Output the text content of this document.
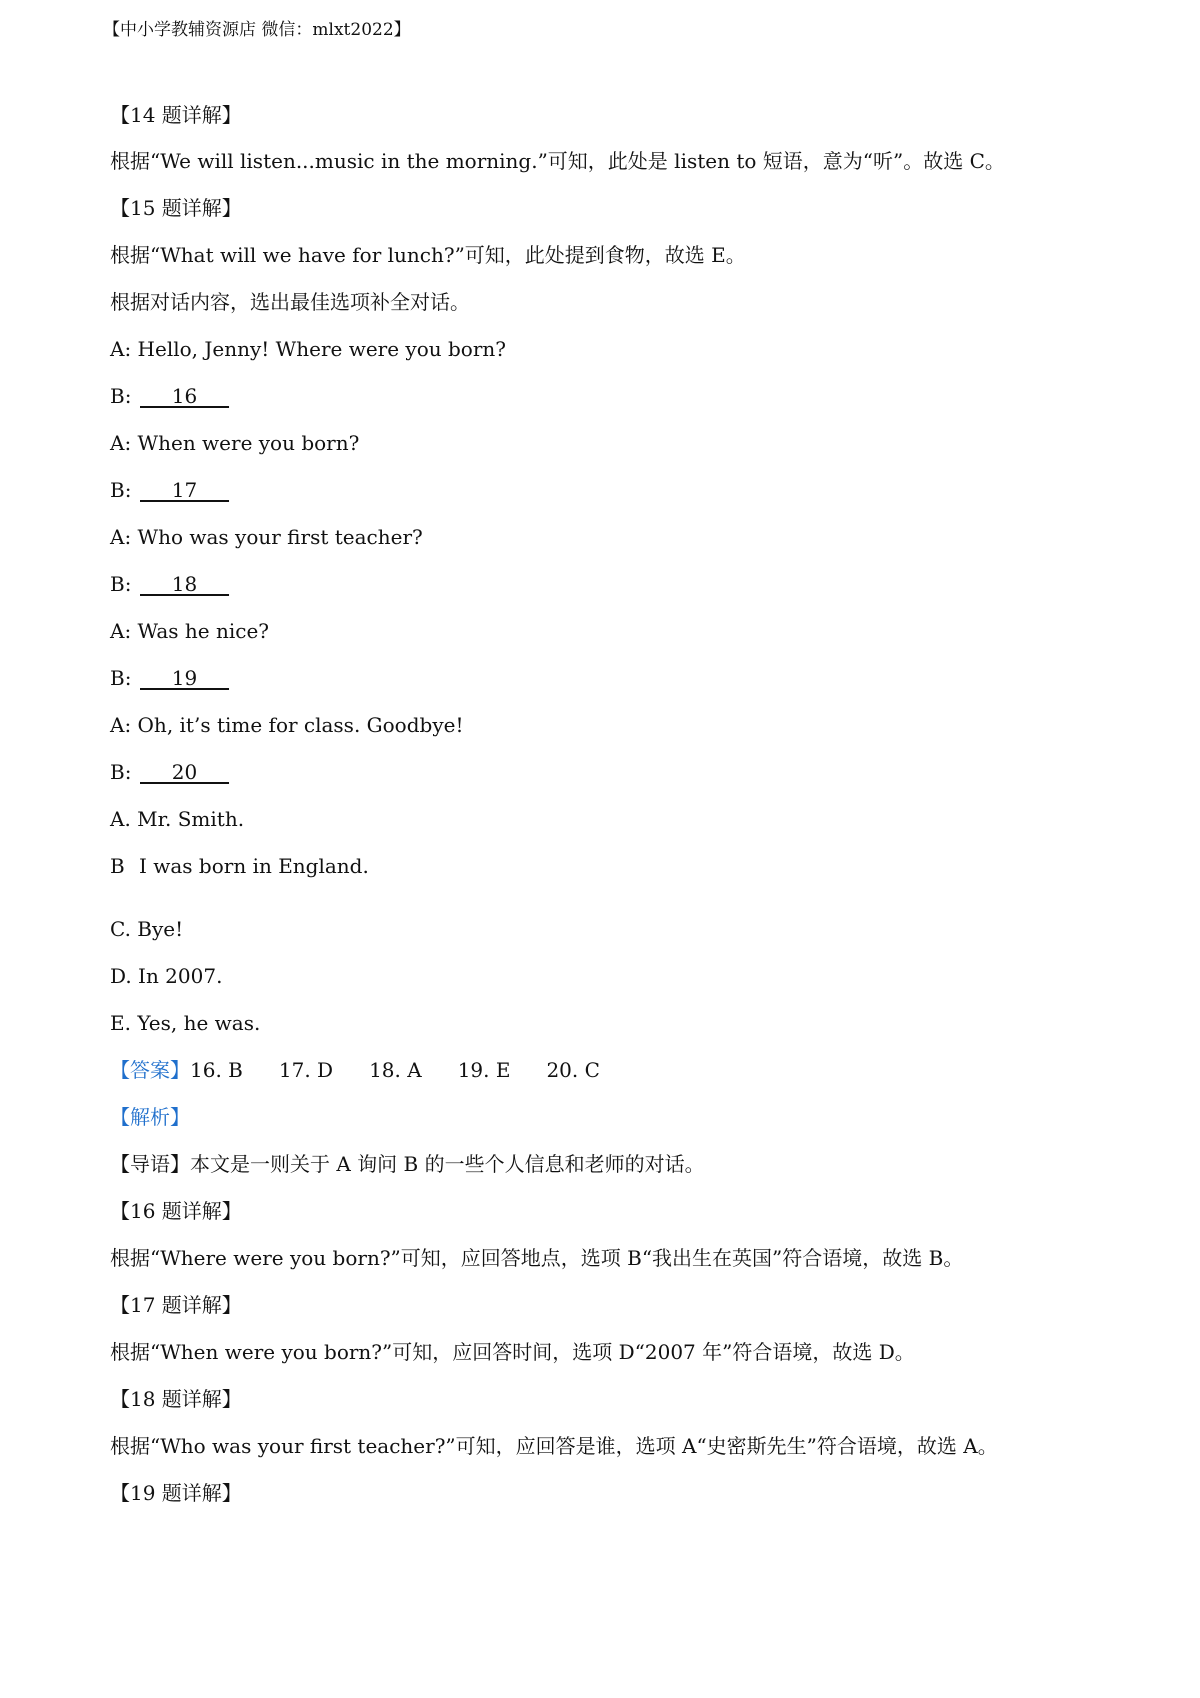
【中小学教辅资源店 微信：mlxt2022】
【14 题详解】
根据“We will listen...music in the morning.”可知，此处是 listen to 短语，意为“听”。故选 C。
【15 题详解】
根据“What will we have for lunch?”可知，此处提到食物，故选 E。
根据对话内容，选出最佳选项补全对话。
A: Hello, Jenny! Where were you born?
B:     16
A: When were you born?
B:     17
A: Who was your first teacher?
B:     18
A: Was he nice?
B:     19
A: Oh, it’s time for class. Goodbye!
B:     20
A. Mr. Smith.
B I was born in England.
C. Bye!
D. In 2007.
E. Yes, he was.
【答案】16. B 17. D 18. A 19. E 20. C
【解析】
【导语】本文是一则关于 A 询问 B 的一些个人信息和老师的对话。
【16 题详解】
根据“Where were you born?”可知，应回答地点，选项 B“我出生在英国”符合语境，故选 B。
【17 题详解】
根据“When were you born?”可知，应回答时间，选项 D“2007 年”符合语境，故选 D。
【18 题详解】
根据“Who was your first teacher?”可知，应回答是谁，选项 A“史密斯先生”符合语境，故选 A。
【19 题详解】
